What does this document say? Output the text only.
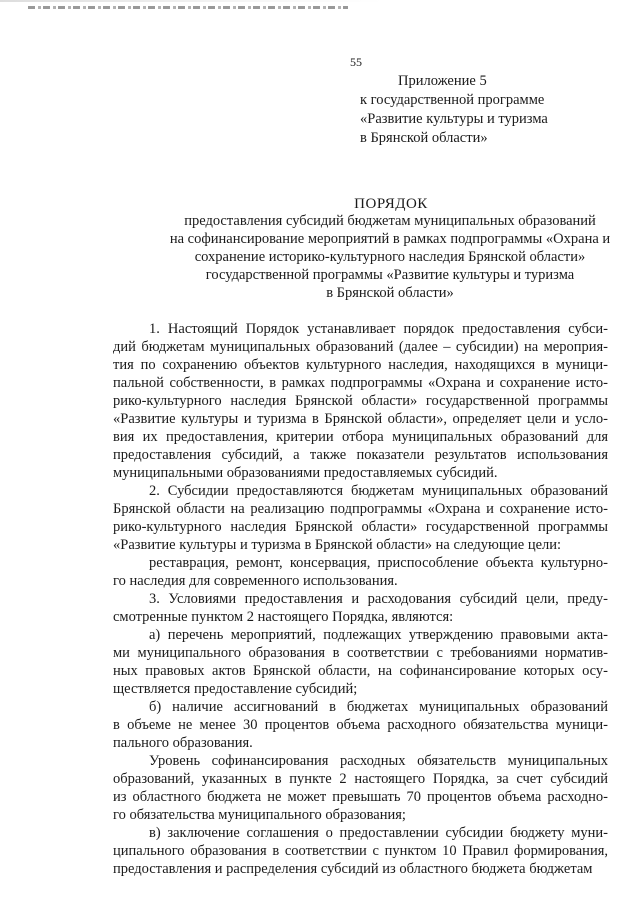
55
Приложение 5
к государственной программе
«Развитие культуры и туризма
в Брянской области»
ПОРЯДОК
предоставления субсидий бюджетам муниципальных образований
на софинансирование мероприятий в рамках подпрограммы «Охрана и
сохранение историко-культурного наследия Брянской области»
государственной программы «Развитие культуры и туризма
в Брянской области»
1. Настоящий Порядок устанавливает порядок предоставления субси-
дий бюджетам муниципальных образований (далее – субсидии) на мероприя-
тия по сохранению объектов культурного наследия, находящихся в муници-
пальной собственности, в рамках подпрограммы «Охрана и сохранение исто-
рико-культурного наследия Брянской области» государственной программы
«Развитие культуры и туризма в Брянской области», определяет цели и усло-
вия их предоставления, критерии отбора муниципальных образований для
предоставления субсидий, а также показатели результатов использования
муниципальными образованиями предоставляемых субсидий.
2. Субсидии предоставляются бюджетам муниципальных образований
Брянской области на реализацию подпрограммы «Охрана и сохранение исто-
рико-культурного наследия Брянской области» государственной программы
«Развитие культуры и туризма в Брянской области» на следующие цели:
реставрация, ремонт, консервация, приспособление объекта культурно-
го наследия для современного использования.
3. Условиями предоставления и расходования субсидий цели, преду-
смотренные пунктом 2 настоящего Порядка, являются:
а) перечень мероприятий, подлежащих утверждению правовыми акта-
ми муниципального образования в соответствии с требованиями норматив-
ных правовых актов Брянской области, на софинансирование которых осу-
ществляется предоставление субсидий;
б) наличие ассигнований в бюджетах муниципальных образований
в объеме не менее 30 процентов объема расходного обязательства муници-
пального образования.
Уровень софинансирования расходных обязательств муниципальных
образований, указанных в пункте 2 настоящего Порядка, за счет субсидий
из областного бюджета не может превышать 70 процентов объема расходно-
го обязательства муниципального образования;
в) заключение соглашения о предоставлении субсидии бюджету муни-
ципального образования в соответствии с пунктом 10 Правил формирования,
предоставления и распределения субсидий из областного бюджета бюджетам
